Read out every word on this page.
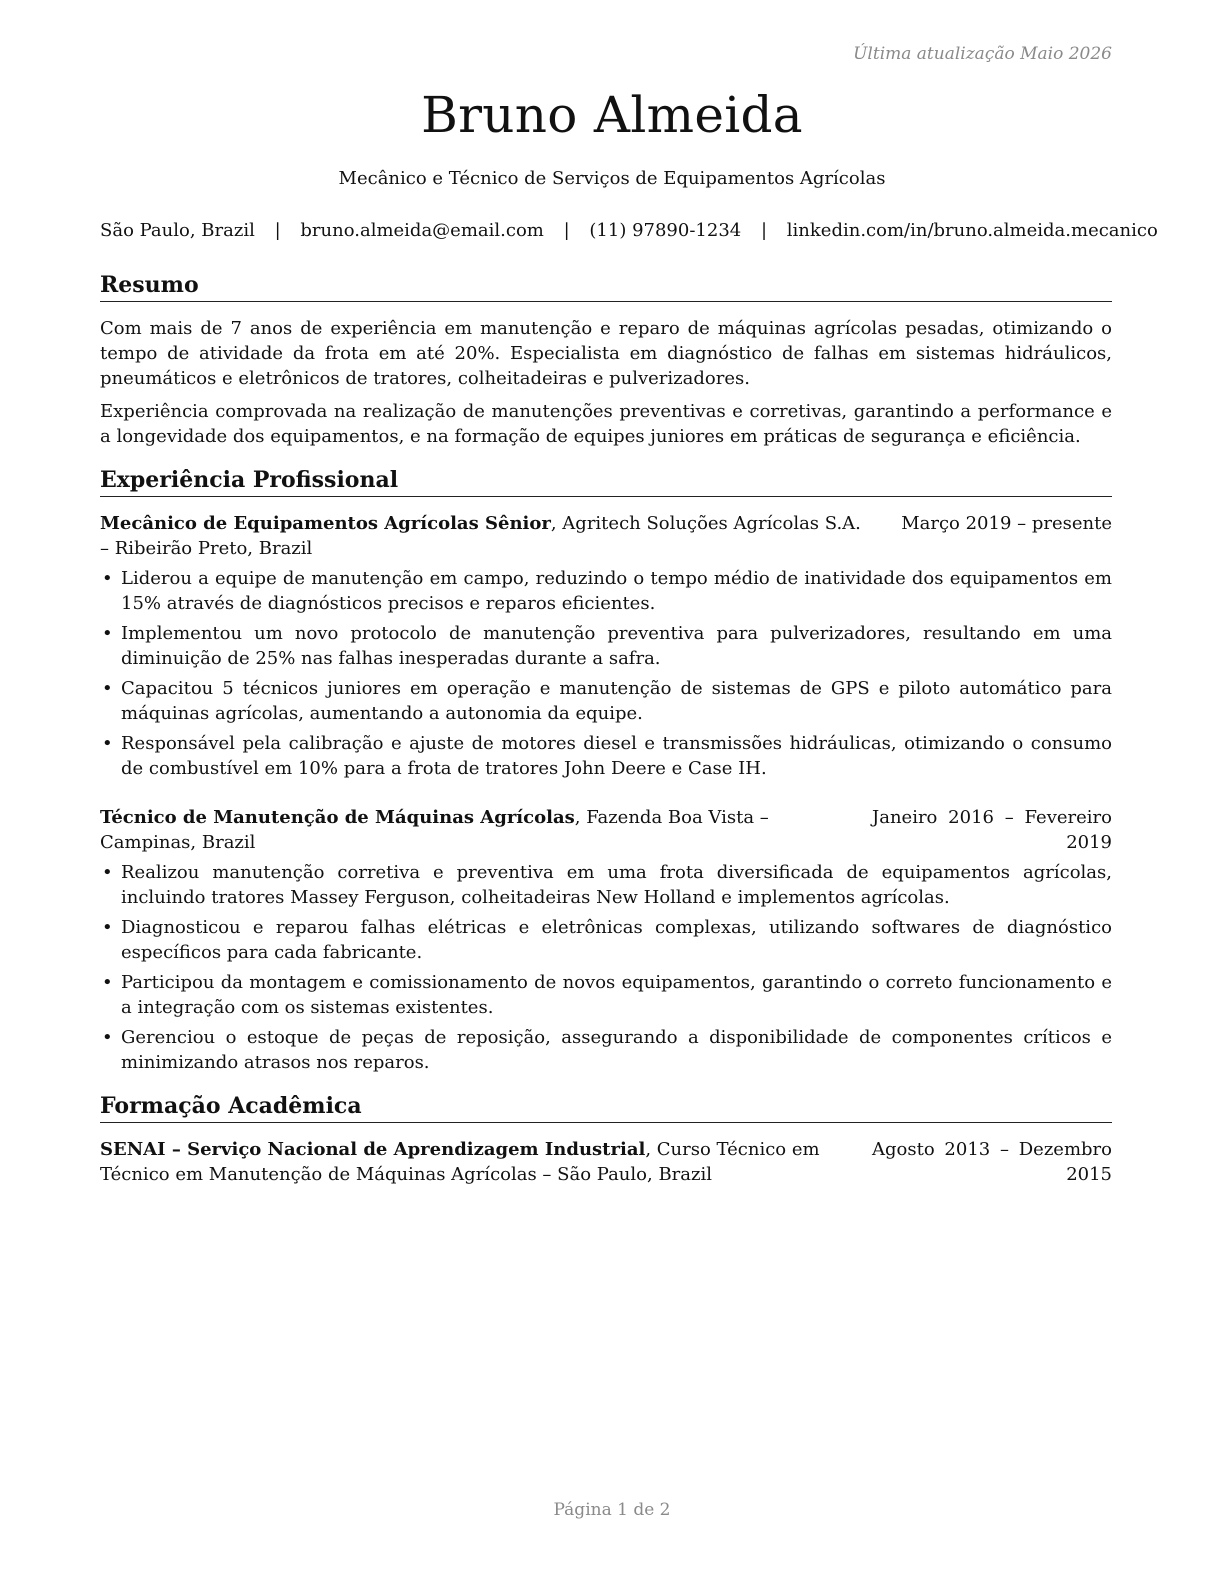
Última atualização Maio 2026
Bruno Almeida
Mecânico e Técnico de Serviços de Equipamentos Agrícolas
São Paulo, Brazil | bruno.almeida@email.com | (11) 97890-1234 | linkedin.com/in/bruno.almeida.mecanico
Resumo

Com mais de 7 anos de experiência em manutenção e reparo de máquinas agrícolas pesadas, otimizando o tempo de atividade da frota em até 20%. Especialista em diagnóstico de falhas em sistemas hidráulicos, pneumáticos e eletrônicos de tratores, colheitadeiras e pulverizadores.

Experiência comprovada na realização de manutenções preventivas e corretivas, garantindo a performance e a longevidade dos equipamentos, e na formação de equipes juniores em práticas de segurança e eficiência.

Experiência Profissional
Mecânico de Equipamentos Agrícolas Sênior, Agritech Soluções Agrícolas S.A. – Ribeirão Preto, Brazil
Março 2019 – presente
• Liderou a equipe de manutenção em campo, reduzindo o tempo médio de inatividade dos equipamentos em 15% através de diagnósticos precisos e reparos eficientes.
• Implementou um novo protocolo de manutenção preventiva para pulverizadores, resultando em uma diminuição de 25% nas falhas inesperadas durante a safra.
• Capacitou 5 técnicos juniores em operação e manutenção de sistemas de GPS e piloto automático para máquinas agrícolas, aumentando a autonomia da equipe.
• Responsável pela calibração e ajuste de motores diesel e transmissões hidráulicas, otimizando o consumo de combustível em 10% para a frota de tratores John Deere e Case IH.
Técnico de Manutenção de Máquinas Agrícolas, Fazenda Boa Vista – Campinas, Brazil
Janeiro 2016 – Fevereiro 2019
• Realizou manutenção corretiva e preventiva em uma frota diversificada de equipamentos agrícolas, incluindo tratores Massey Ferguson, colheitadeiras New Holland e implementos agrícolas.
• Diagnosticou e reparou falhas elétricas e eletrônicas complexas, utilizando softwares de diagnóstico específicos para cada fabricante.
• Participou da montagem e comissionamento de novos equipamentos, garantindo o correto funcionamento e a integração com os sistemas existentes.
• Gerenciou o estoque de peças de reposição, assegurando a disponibilidade de componentes críticos e minimizando atrasos nos reparos.
Formação Acadêmica
SENAI – Serviço Nacional de Aprendizagem Industrial, Curso Técnico em Técnico em Manutenção de Máquinas Agrícolas – São Paulo, Brazil
Agosto 2013 – Dezembro 2015
Página 1 de 2
